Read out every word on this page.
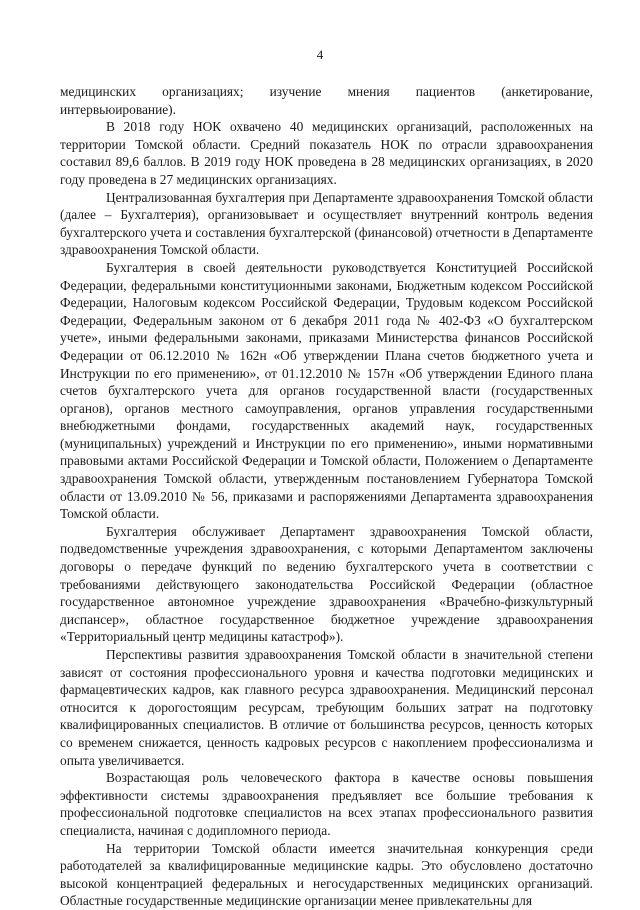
4

медицинских организациях; изучение мнения пациентов (анкетирование, интервьюирование).

В 2018 году НОК охвачено 40 медицинских организаций, расположенных на территории Томской области. Средний показатель НОК по отрасли здравоохранения составил 89,6 баллов. В 2019 году НОК проведена в 28 медицинских организациях, в 2020 году проведена в 27 медицинских организациях.

Централизованная бухгалтерия при Департаменте здравоохранения Томской области (далее – Бухгалтерия), организовывает и осуществляет внутренний контроль ведения бухгалтерского учета и составления бухгалтерской (финансовой) отчетности в Департаменте здравоохранения Томской области.

Бухгалтерия в своей деятельности руководствуется Конституцией Российской Федерации, федеральными конституционными законами, Бюджетным кодексом Российской Федерации, Налоговым кодексом Российской Федерации, Трудовым кодексом Российской Федерации, Федеральным законом от 6 декабря 2011 года № 402-ФЗ «О бухгалтерском учете», иными федеральными законами, приказами Министерства финансов Российской Федерации от 06.12.2010 № 162н «Об утверждении Плана счетов бюджетного учета и Инструкции по его применению», от 01.12.2010 № 157н «Об утверждении Единого плана счетов бухгалтерского учета для органов государственной власти (государственных органов), органов местного самоуправления, органов управления государственными внебюджетными фондами, государственных академий наук, государственных (муниципальных) учреждений и Инструкции по его применению», иными нормативными правовыми актами Российской Федерации и Томской области, Положением о Департаменте здравоохранения Томской области, утвержденным постановлением Губернатора Томской области от 13.09.2010 № 56, приказами и распоряжениями Департамента здравоохранения Томской области.

Бухгалтерия обслуживает Департамент здравоохранения Томской области, подведомственные учреждения здравоохранения, с которыми Департаментом заключены договоры о передаче функций по ведению бухгалтерского учета в соответствии с требованиями действующего законодательства Российской Федерации (областное государственное автономное учреждение здравоохранения «Врачебно-физкультурный диспансер», областное государственное бюджетное учреждение здравоохранения «Территориальный центр медицины катастроф»).

Перспективы развития здравоохранения Томской области в значительной степени зависят от состояния профессионального уровня и качества подготовки медицинских и фармацевтических кадров, как главного ресурса здравоохранения. Медицинский персонал относится к дорогостоящим ресурсам, требующим больших затрат на подготовку квалифицированных специалистов. В отличие от большинства ресурсов, ценность которых со временем снижается, ценность кадровых ресурсов с накоплением профессионализма и опыта увеличивается.

Возрастающая роль человеческого фактора в качестве основы повышения эффективности системы здравоохранения предъявляет все большие требования к профессиональной подготовке специалистов на всех этапах профессионального развития специалиста, начиная с додипломного периода.

На территории Томской области имеется значительная конкуренция среди работодателей за квалифицированные медицинские кадры. Это обусловлено достаточно высокой концентрацией федеральных и негосударственных медицинских организаций. Областные государственные медицинские организации менее привлекательны для
